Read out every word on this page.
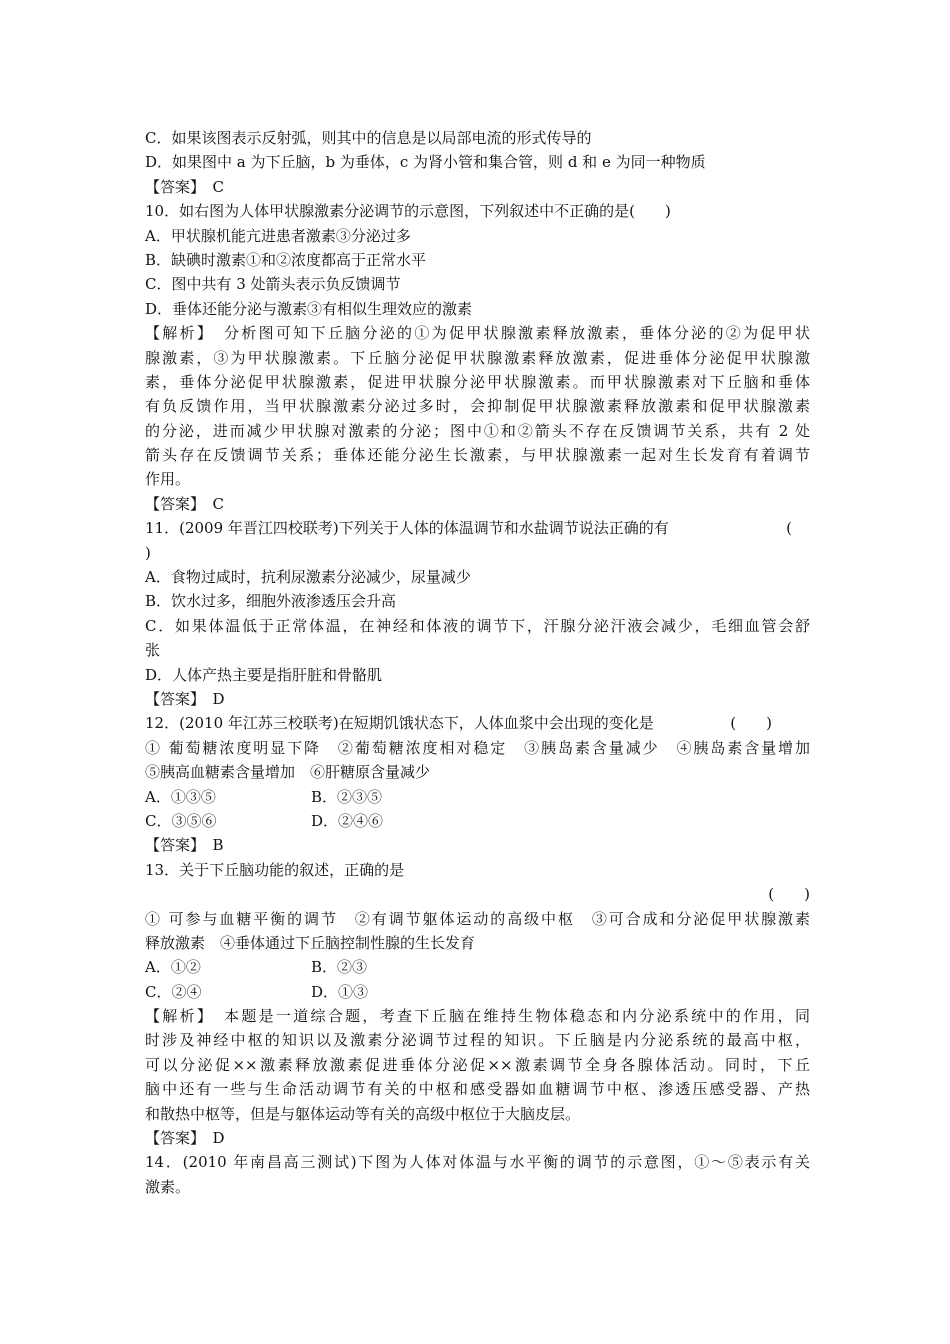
C．如果该图表示反射弧，则其中的信息是以局部电流的形式传导的
D．如果图中 a 为下丘脑，b 为垂体，c 为肾小管和集合管，则 d 和 e 为同一种物质
【答案】　C
10．如右图为人体甲状腺激素分泌调节的示意图，下列叙述中不正确的是(　　)
A．甲状腺机能亢进患者激素③分泌过多
B．缺碘时激素①和②浓度都高于正常水平
C．图中共有 3 处箭头表示负反馈调节
D．垂体还能分泌与激素③有相似生理效应的激素
【解析】　分析图可知下丘脑分泌的①为促甲状腺激素释放激素，垂体分泌的②为促甲状
腺激素，③为甲状腺激素。下丘脑分泌促甲状腺激素释放激素，促进垂体分泌促甲状腺激
素，垂体分泌促甲状腺激素，促进甲状腺分泌甲状腺激素。而甲状腺激素对下丘脑和垂体
有负反馈作用，当甲状腺激素分泌过多时，会抑制促甲状腺激素释放激素和促甲状腺激素
的分泌，进而减少甲状腺对激素的分泌；图中①和②箭头不存在反馈调节关系，共有 2 处
箭头存在反馈调节关系；垂体还能分泌生长激素，与甲状腺激素一起对生长发育有着调节
作用。
【答案】　C
11．(2009 年晋江四校联考)下列关于人体的体温调节和水盐调节说法正确的有	(
)
A．食物过咸时，抗利尿激素分泌减少，尿量减少
B．饮水过多，细胞外液渗透压会升高
C．如果体温低于正常体温，在神经和体液的调节下，汗腺分泌汗液会减少，毛细血管会舒
张
D．人体产热主要是指肝脏和骨骼肌
【答案】　D
12．(2010 年江苏三校联考)在短期饥饿状态下，人体血浆中会出现的变化是	(　　)
① 葡萄糖浓度明显下降　②葡萄糖浓度相对稳定　③胰岛素含量减少　④胰岛素含量增加
⑤胰高血糖素含量增加　⑥肝糖原含量减少
A．①③⑤	B．②③⑤
C．③⑤⑥	D．②④⑥
【答案】　B
13．关于下丘脑功能的叙述，正确的是
(　　)
① 可参与血糖平衡的调节　②有调节躯体运动的高级中枢　③可合成和分泌促甲状腺激素
释放激素　④垂体通过下丘脑控制性腺的生长发育
A．①②	B．②③
C．②④	D．①③
【解析】　本题是一道综合题，考查下丘脑在维持生物体稳态和内分泌系统中的作用，同
时涉及神经中枢的知识以及激素分泌调节过程的知识。下丘脑是内分泌系统的最高中枢，
可以分泌促××激素释放激素促进垂体分泌促××激素调节全身各腺体活动。同时，下丘
脑中还有一些与生命活动调节有关的中枢和感受器如血糖调节中枢、渗透压感受器、产热
和散热中枢等，但是与躯体运动等有关的高级中枢位于大脑皮层。
【答案】　D
14．(2010 年南昌高三测试)下图为人体对体温与水平衡的调节的示意图，①～⑤表示有关
激素。
